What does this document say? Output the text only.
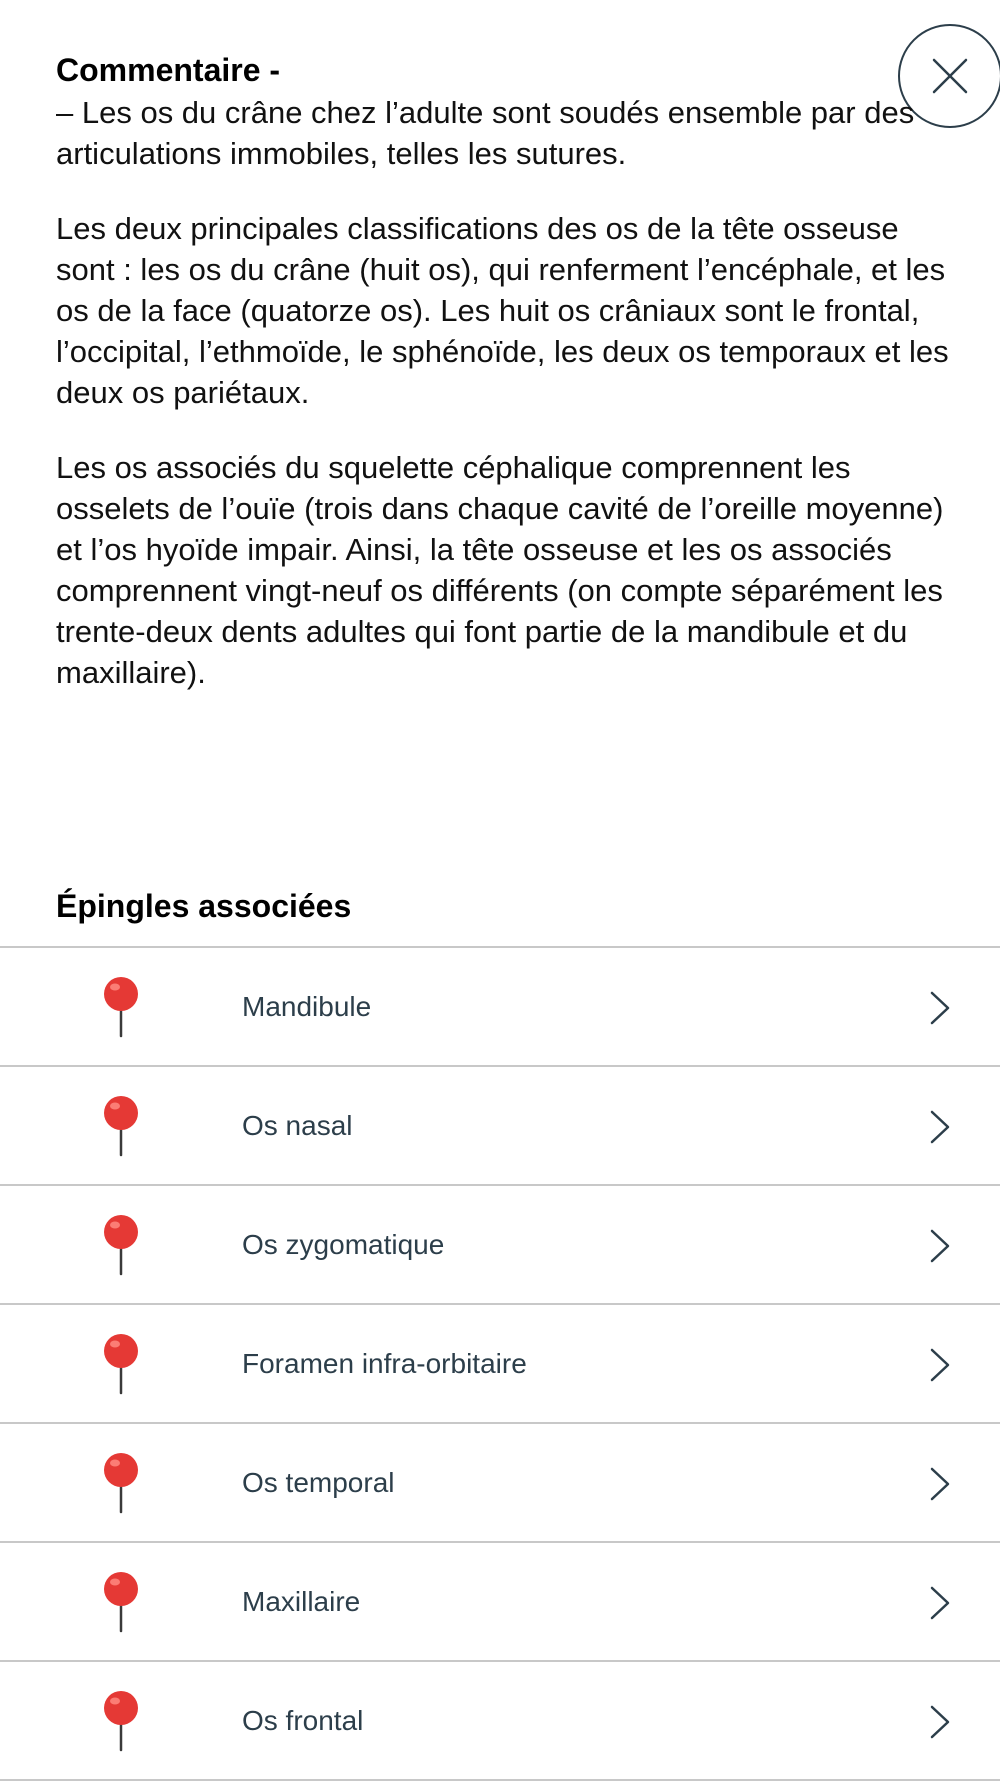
Commentaire -

– Les os du crâne chez l’adulte sont soudés ensemble par des articulations immobiles, telles les sutures.

Les deux principales classifications des os de la tête osseuse sont : les os du crâne (huit os), qui renferment l’encéphale, et les os de la face (quatorze os). Les huit os crâniaux sont le frontal, l’occipital, l’ethmoïde, le sphénoïde, les deux os temporaux et les deux os pariétaux.

Les os associés du squelette céphalique comprennent les osselets de l’ouïe (trois dans chaque cavité de l’oreille moyenne) et l’os hyoïde impair. Ainsi, la tête osseuse et les os associés comprennent vingt-neuf os différents (on compte séparément les trente-deux dents adultes qui font partie de la mandibule et du maxillaire).

Épingles associées
Mandibule
Os nasal
Os zygomatique
Foramen infra-orbitaire
Os temporal
Maxillaire
Os frontal
